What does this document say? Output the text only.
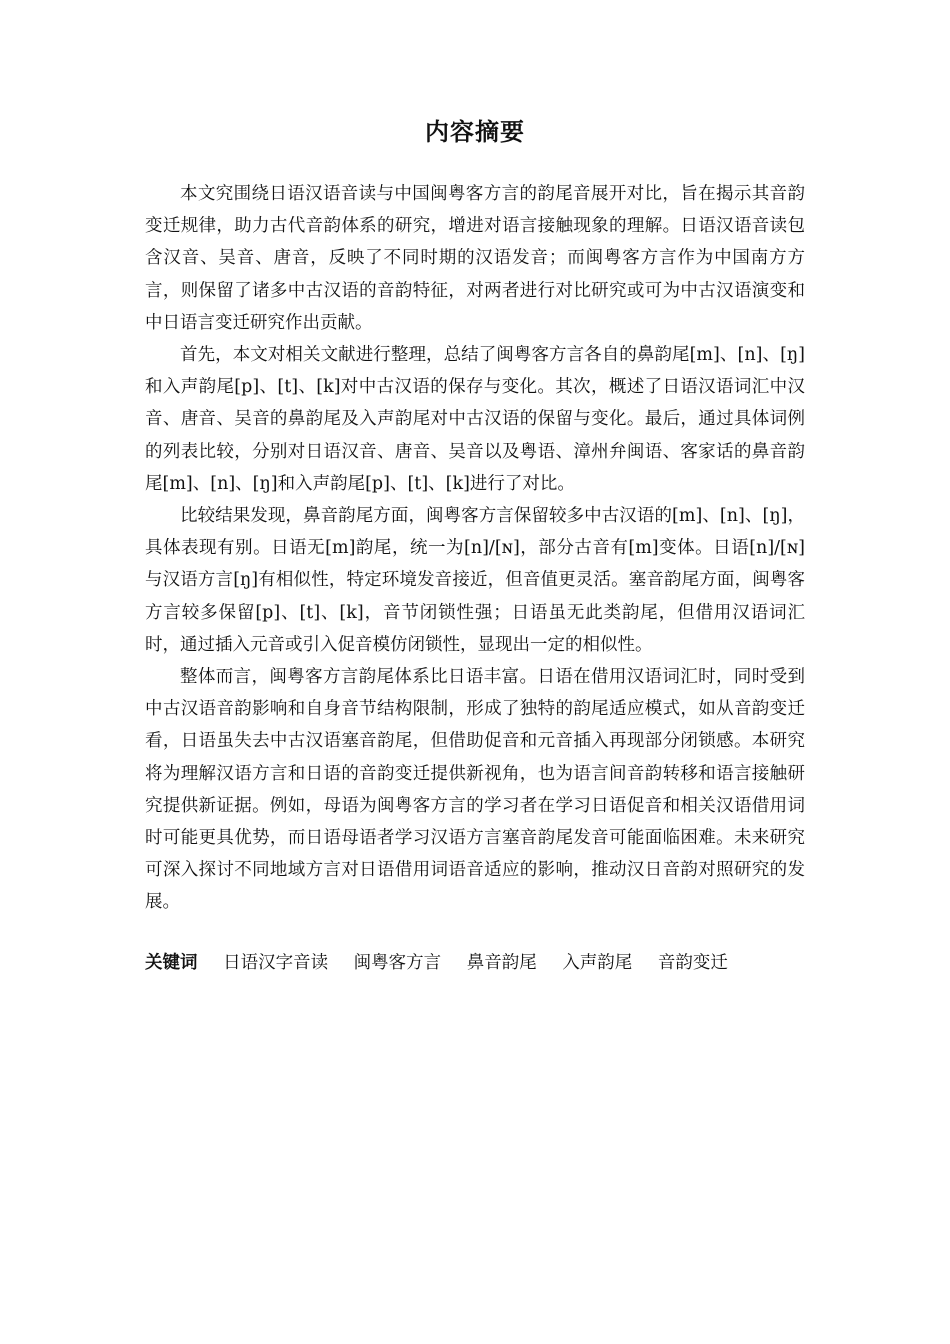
内容摘要

本文究围绕日语汉语音读与中国闽粤客方言的韵尾音展开对比，旨在揭示其音韵变迁规律，助力古代音韵体系的研究，增进对语言接触现象的理解。日语汉语音读包含汉音、吴音、唐音，反映了不同时期的汉语发音；而闽粤客方言作为中国南方方言，则保留了诸多中古汉语的音韵特征，对两者进行对比研究或可为中古汉语演变和中日语言变迁研究作出贡献。

首先，本文对相关文献进行整理，总结了闽粤客方言各自的鼻韵尾[m]、[n]、[ŋ]和入声韵尾[p]、[t]、[k]对中古汉语的保存与变化。其次，概述了日语汉语词汇中汉音、唐音、吴音的鼻韵尾及入声韵尾对中古汉语的保留与变化。最后，通过具体词例的列表比较，分别对日语汉音、唐音、吴音以及粤语、漳州弁闽语、客家话的鼻音韵尾[m]、[n]、[ŋ]和入声韵尾[p]、[t]、[k]进行了对比。

比较结果发现，鼻音韵尾方面，闽粤客方言保留较多中古汉语的[m]、[n]、[ŋ]，具体表现有别。日语无[m]韵尾，统一为[n]/[ɴ]，部分古音有[m]变体。日语[n]/[ɴ]与汉语方言[ŋ]有相似性，特定环境发音接近，但音值更灵活。塞音韵尾方面，闽粤客方言较多保留[p]、[t]、[k]，音节闭锁性强；日语虽无此类韵尾，但借用汉语词汇时，通过插入元音或引入促音模仿闭锁性，显现出一定的相似性。

整体而言，闽粤客方言韵尾体系比日语丰富。日语在借用汉语词汇时，同时受到中古汉语音韵影响和自身音节结构限制，形成了独特的韵尾适应模式，如从音韵变迁看，日语虽失去中古汉语塞音韵尾，但借助促音和元音插入再现部分闭锁感。本研究将为理解汉语方言和日语的音韵变迁提供新视角，也为语言间音韵转移和语言接触研究提供新证据。例如，母语为闽粤客方言的学习者在学习日语促音和相关汉语借用词时可能更具优势，而日语母语者学习汉语方言塞音韵尾发音可能面临困难。未来研究可深入探讨不同地域方言对日语借用词语音适应的影响，推动汉日音韵对照研究的发展。

关键词 日语汉字音读 闽粤客方言 鼻音韵尾 入声韵尾 音韵变迁
